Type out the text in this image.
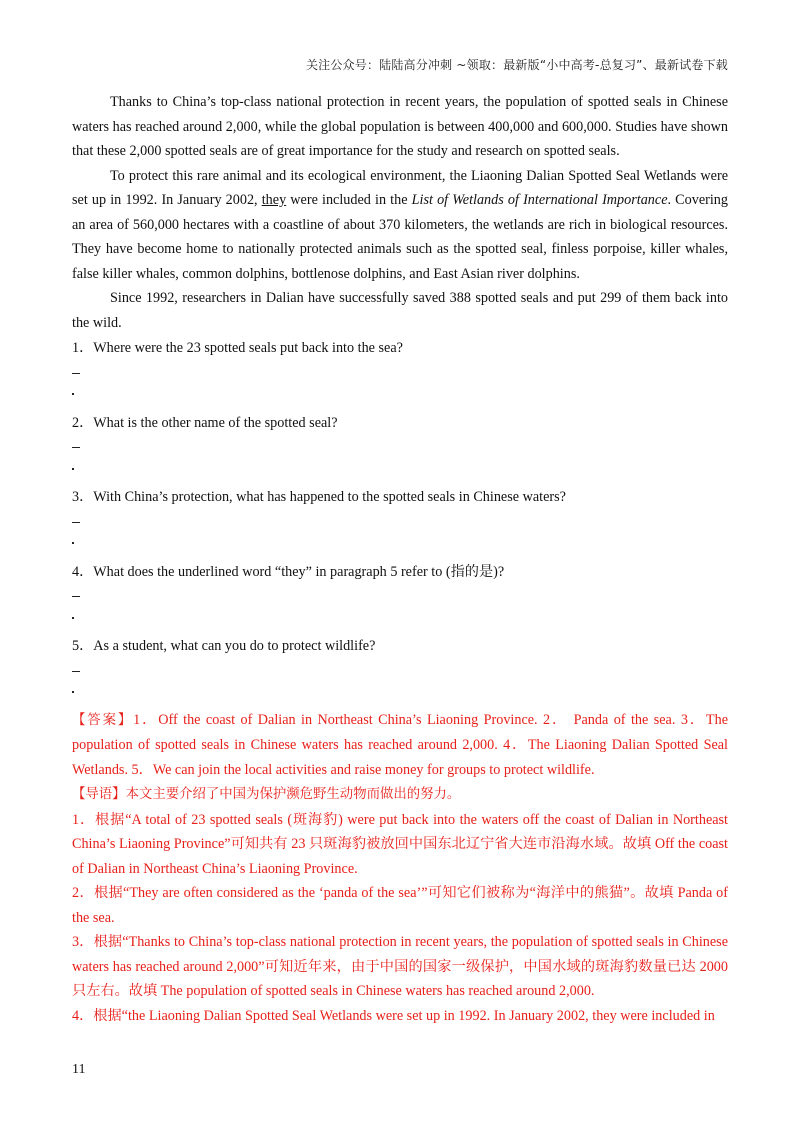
关注公众号：陆陆高分冲刺 ~领取：最新版“小中高考-总复习”、最新试卷下载

Thanks to China’s top-class national protection in recent years, the population of spotted seals in Chinese waters has reached around 2,000, while the global population is between 400,000 and 600,000. Studies have shown that these 2,000 spotted seals are of great importance for the study and research on spotted seals.

To protect this rare animal and its ecological environment, the Liaoning Dalian Spotted Seal Wetlands were set up in 1992. In January 2002, they were included in the List of Wetlands of International Importance. Covering an area of 560,000 hectares with a coastline of about 370 kilometers, the wetlands are rich in biological resources. They have become home to nationally protected animals such as the spotted seal, finless porpoise, killer whales, false killer whales, common dolphins, bottlenose dolphins, and East Asian river dolphins.

Since 1992, researchers in Dalian have successfully saved 388 spotted seals and put 299 of them back into the wild.

1．Where were the 23 spotted seals put back into the sea?

2．What is the other name of the spotted seal?

3．With China’s protection, what has happened to the spotted seals in Chinese waters?

4．What does the underlined word “they” in paragraph 5 refer to (指的是)?

5．As a student, what can you do to protect wildlife?

【答案】1．Off the coast of Dalian in Northeast China’s Liaoning Province. 2． Panda of the sea. 3．The population of spotted seals in Chinese waters has reached around 2,000. 4．The Liaoning Dalian Spotted Seal Wetlands. 5．We can join the local activities and raise money for groups to protect wildlife.

【导语】本文主要介绍了中国为保护濒危野生动物而做出的努力。

1．根据“A total of 23 spotted seals (斑海豹) were put back into the waters off the coast of Dalian in Northeast China’s Liaoning Province”可知共有 23 只斑海豹被放回中国东北辽宁省大连市沿海水域。故填 Off the coast of Dalian in Northeast China’s Liaoning Province.

2．根据“They are often considered as the ‘panda of the sea’”可知它们被称为“海洋中的熊猫”。故填 Panda of the sea.

3．根据“Thanks to China’s top-class national protection in recent years, the population of spotted seals in Chinese waters has reached around 2,000”可知近年来，由于中国的国家一级保护，中国水域的斑海豹数量已达 2000 只左右。故填 The population of spotted seals in Chinese waters has reached around 2,000.

4．根据“the Liaoning Dalian Spotted Seal Wetlands were set up in 1992. In January 2002, they were included in

11
